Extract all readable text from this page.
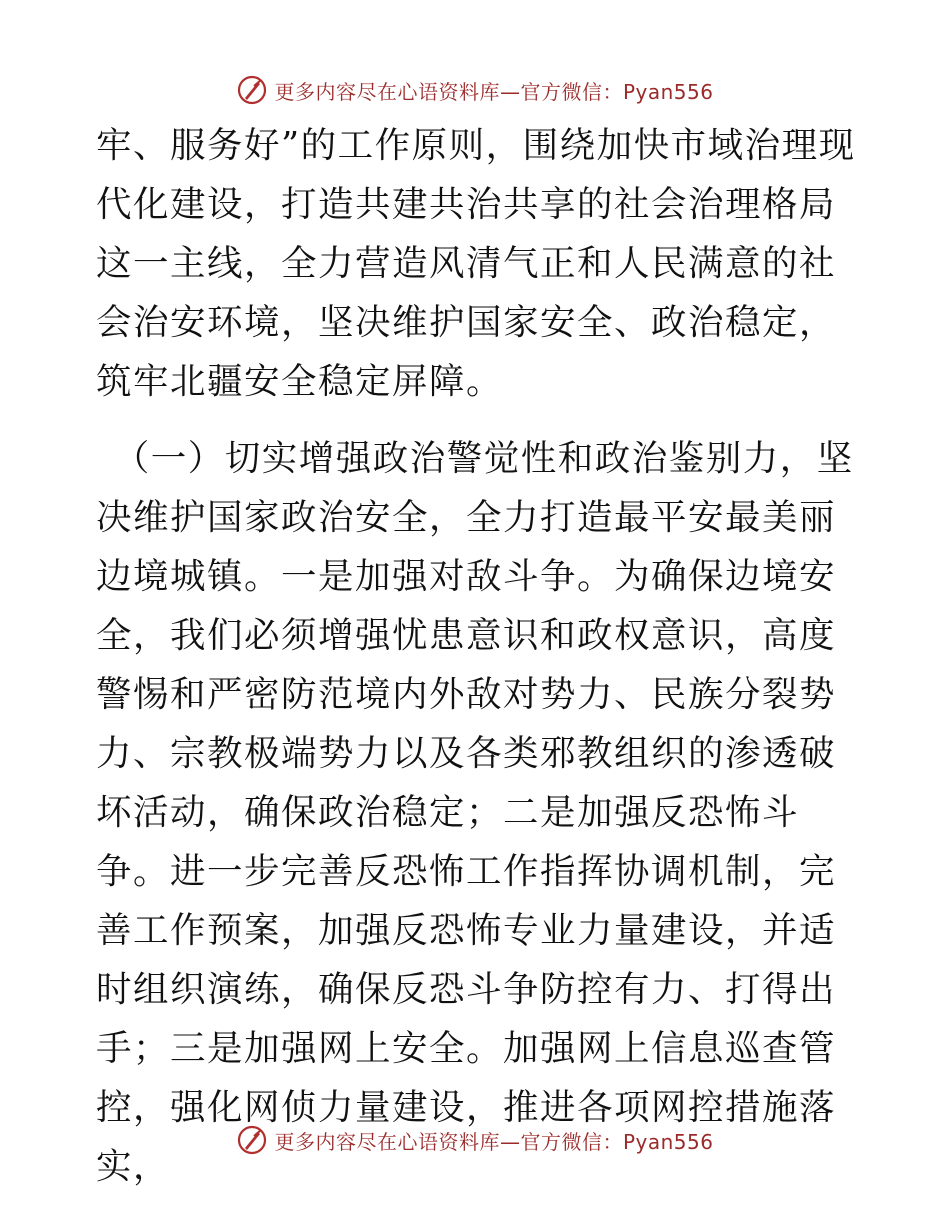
更多内容尽在心语资料库—官方微信：Pyan556

牢、服务好”的工作原则，围绕加快市域治理现代化建设，打造共建共治共享的社会治理格局这一主线，全力营造风清气正和人民满意的社会治安环境，坚决维护国家安全、政治稳定，筑牢北疆安全稳定屏障。

（一）切实增强政治警觉性和政治鉴别力，坚决维护国家政治安全，全力打造最平安最美丽边境城镇。一是加强对敌斗争。为确保边境安全，我们必须增强忧患意识和政权意识，高度警惕和严密防范境内外敌对势力、民族分裂势力、宗教极端势力以及各类邪教组织的渗透破坏活动，确保政治稳定；二是加强反恐怖斗争。进一步完善反恐怖工作指挥协调机制，完善工作预案，加强反恐怖专业力量建设，并适时组织演练，确保反恐斗争防控有力、打得出手；三是加强网上安全。加强网上信息巡查管控，强化网侦力量建设，推进各项网控措施落实，

更多内容尽在心语资料库—官方微信：Pyan556
